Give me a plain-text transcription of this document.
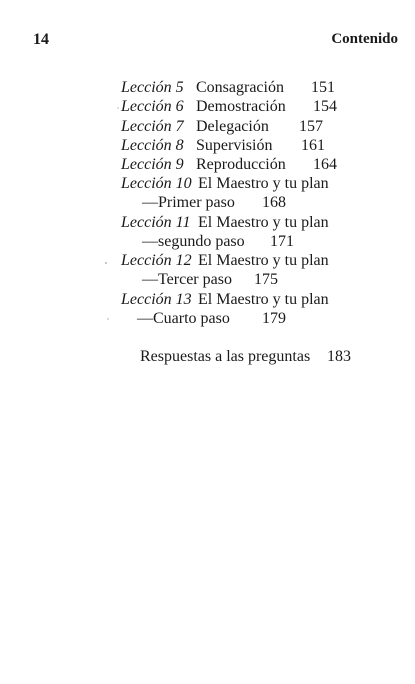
14	Contenido
Lección 5 Consagración 151
Lección 6 Demostración 154
Lección 7 Delegación 157
Lección 8 Supervisión 161
Lección 9 Reproducción 164
Lección 10 El Maestro y tu plan
—Primer paso 168
Lección 11 El Maestro y tu plan
—segundo paso 171
Lección 12 El Maestro y tu plan
—Tercer paso 175
Lección 13 El Maestro y tu plan
—Cuarto paso 179
Respuestas a las preguntas 183
